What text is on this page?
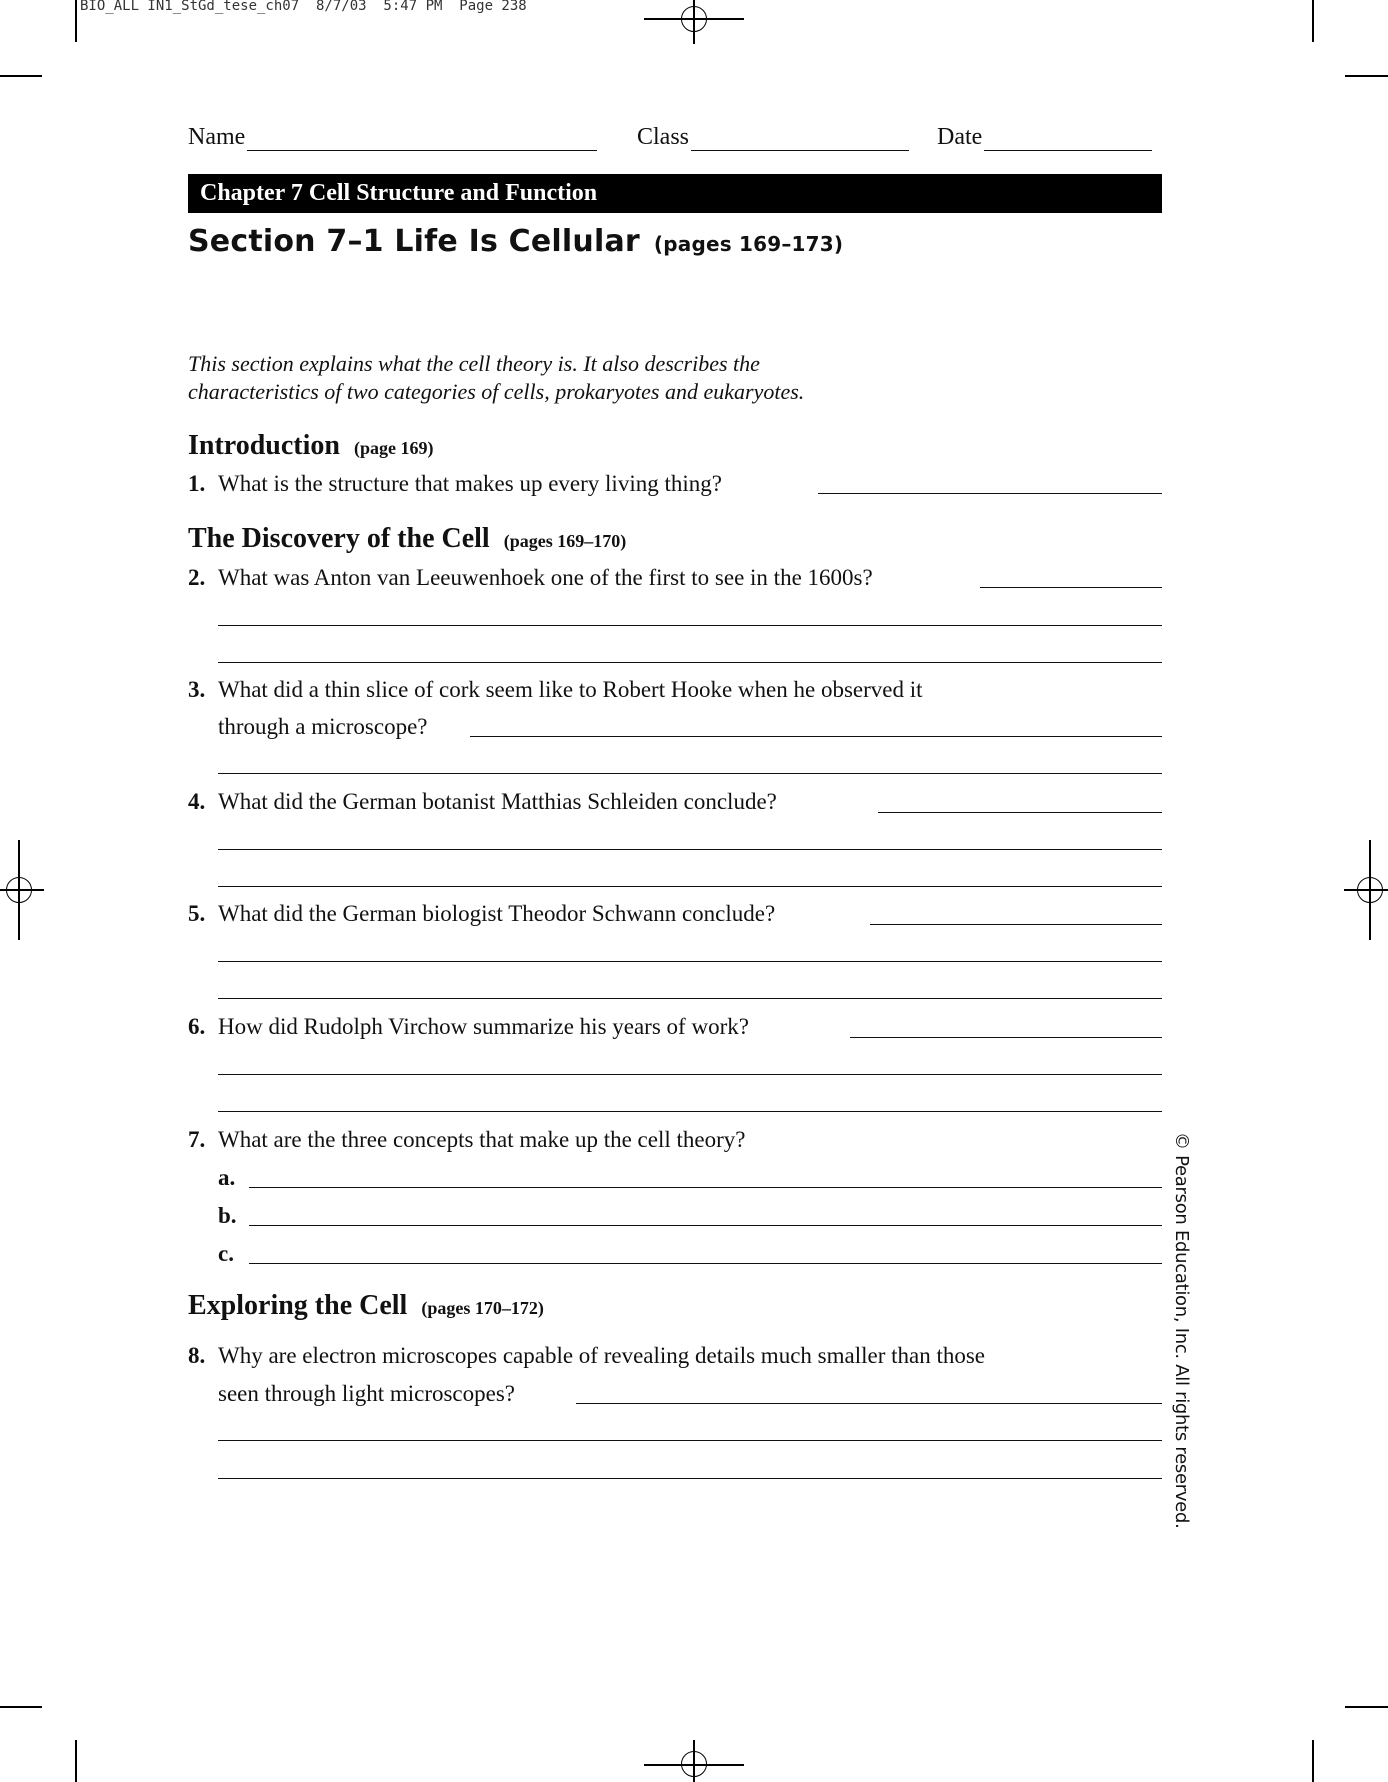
BIO_ALL IN1_StGd_tese_ch07  8/7/03  5:47 PM  Page 238
Name	Class	Date
Chapter 7 Cell Structure and Function
Section 7–1 Life Is Cellular (pages 169–173)
This section explains what the cell theory is. It also describes the
characteristics of two categories of cells, prokaryotes and eukaryotes.
Introduction (page 169)
1. What is the structure that makes up every living thing?
The Discovery of the Cell (pages 169–170)
2. What was Anton van Leeuwenhoek one of the first to see in the 1600s?
3. What did a thin slice of cork seem like to Robert Hooke when he observed it
through a microscope?
4. What did the German botanist Matthias Schleiden conclude?
5. What did the German biologist Theodor Schwann conclude?
6. How did Rudolph Virchow summarize his years of work?
7. What are the three concepts that make up the cell theory?
a.
b.
c.
Exploring the Cell (pages 170–172)
8. Why are electron microscopes capable of revealing details much smaller than those
seen through light microscopes?	© Pearson Education, Inc. All rights reserved.
